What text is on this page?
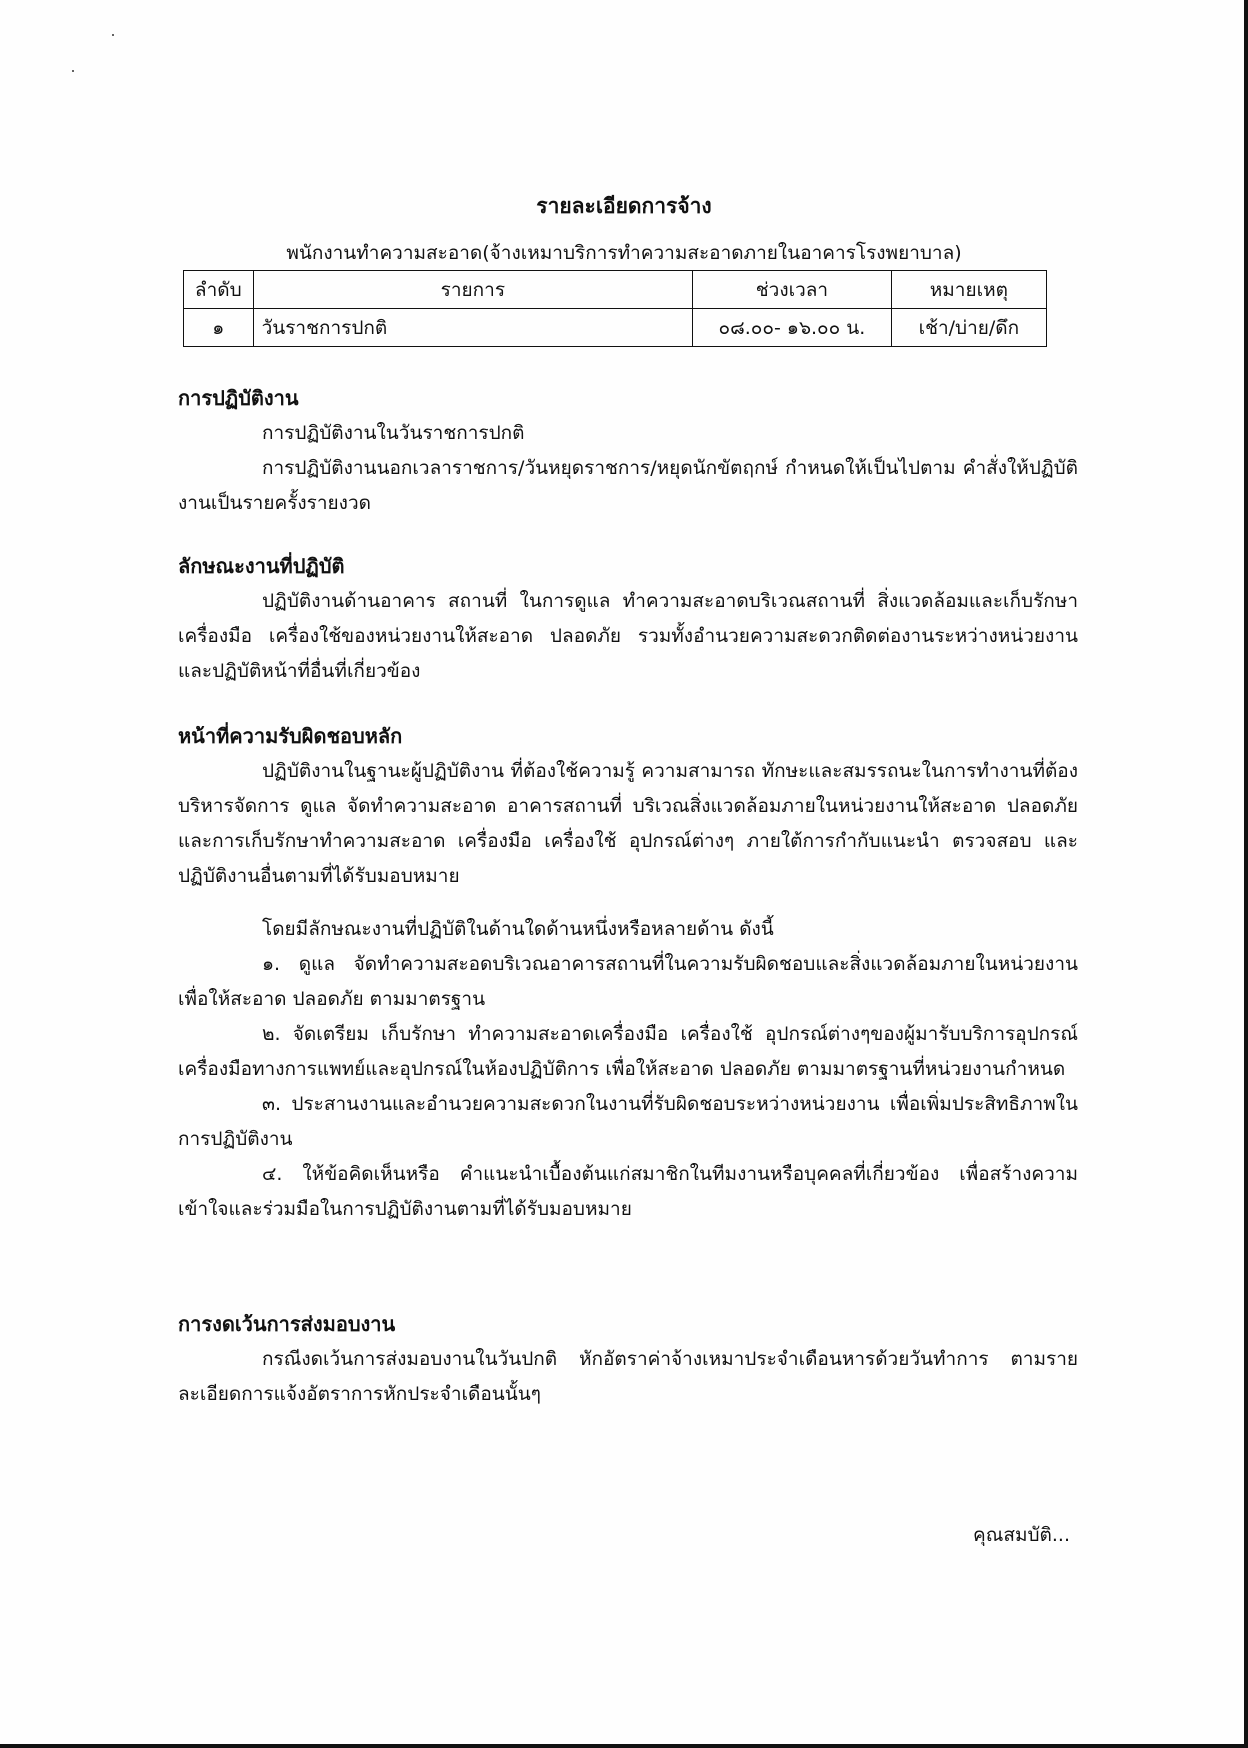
รายละเอียดการจ้าง
พนักงานทำความสะอาด(จ้างเหมาบริการทำความสะอาดภายในอาคารโรงพยาบาล)
ลำดับ	รายการ	ช่วงเวลา	หมายเหตุ
๑	วันราชการปกติ	๐๘.๐๐- ๑๖.๐๐ น.	เช้า/บ่าย/ดึก

การปฏิบัติงาน

การปฏิบัติงานในวันราชการปกติ

การปฏิบัติงานนอกเวลาราชการ/วันหยุดราชการ/หยุดนักขัตฤกษ์ กำหนดให้เป็นไปตาม คำสั่งให้ปฏิบัติงานเป็นรายครั้งรายงวด

ลักษณะงานที่ปฏิบัติ

ปฏิบัติงานด้านอาคาร สถานที่ ในการดูแล ทำความสะอาดบริเวณสถานที่ สิ่งแวดล้อมและเก็บรักษาเครื่องมือ เครื่องใช้ของหน่วยงานให้สะอาด ปลอดภัย รวมทั้งอำนวยความสะดวกติดต่องานระหว่างหน่วยงาน และปฏิบัติหน้าที่อื่นที่เกี่ยวข้อง

หน้าที่ความรับผิดชอบหลัก

ปฏิบัติงานในฐานะผู้ปฏิบัติงาน ที่ต้องใช้ความรู้ ความสามารถ ทักษะและสมรรถนะในการทำงานที่ต้องบริหารจัดการ ดูแล จัดทำความสะอาด อาคารสถานที่ บริเวณสิ่งแวดล้อมภายในหน่วยงานให้สะอาด ปลอดภัย และการเก็บรักษาทำความสะอาด เครื่องมือ เครื่องใช้ อุปกรณ์ต่างๆ ภายใต้การกำกับแนะนำ ตรวจสอบ และปฏิบัติงานอื่นตามที่ได้รับมอบหมาย

โดยมีลักษณะงานที่ปฏิบัติในด้านใดด้านหนึ่งหรือหลายด้าน ดังนี้

๑. ดูแล จัดทำความสะอดบริเวณอาคารสถานที่ในความรับผิดชอบและสิ่งแวดล้อมภายในหน่วยงานเพื่อให้สะอาด ปลอดภัย ตามมาตรฐาน

๒. จัดเตรียม เก็บรักษา ทำความสะอาดเครื่องมือ เครื่องใช้ อุปกรณ์ต่างๆของผู้มารับบริการอุปกรณ์เครื่องมือทางการแพทย์และอุปกรณ์ในห้องปฏิบัติการ เพื่อให้สะอาด ปลอดภัย ตามมาตรฐานที่หน่วยงานกำหนด

๓. ประสานงานและอำนวยความสะดวกในงานที่รับผิดชอบระหว่างหน่วยงาน เพื่อเพิ่มประสิทธิภาพในการปฏิบัติงาน

๔. ให้ข้อคิดเห็นหรือ คำแนะนำเบื้องต้นแก่สมาชิกในทีมงานหรือบุคคลที่เกี่ยวข้อง เพื่อสร้างความเข้าใจและร่วมมือในการปฏิบัติงานตามที่ได้รับมอบหมาย

การงดเว้นการส่งมอบงาน

กรณีงดเว้นการส่งมอบงานในวันปกติ หักอัตราค่าจ้างเหมาประจำเดือนหารด้วยวันทำการ ตามรายละเอียดการแจ้งอัตราการหักประจำเดือนนั้นๆ

คุณสมบัติ...
